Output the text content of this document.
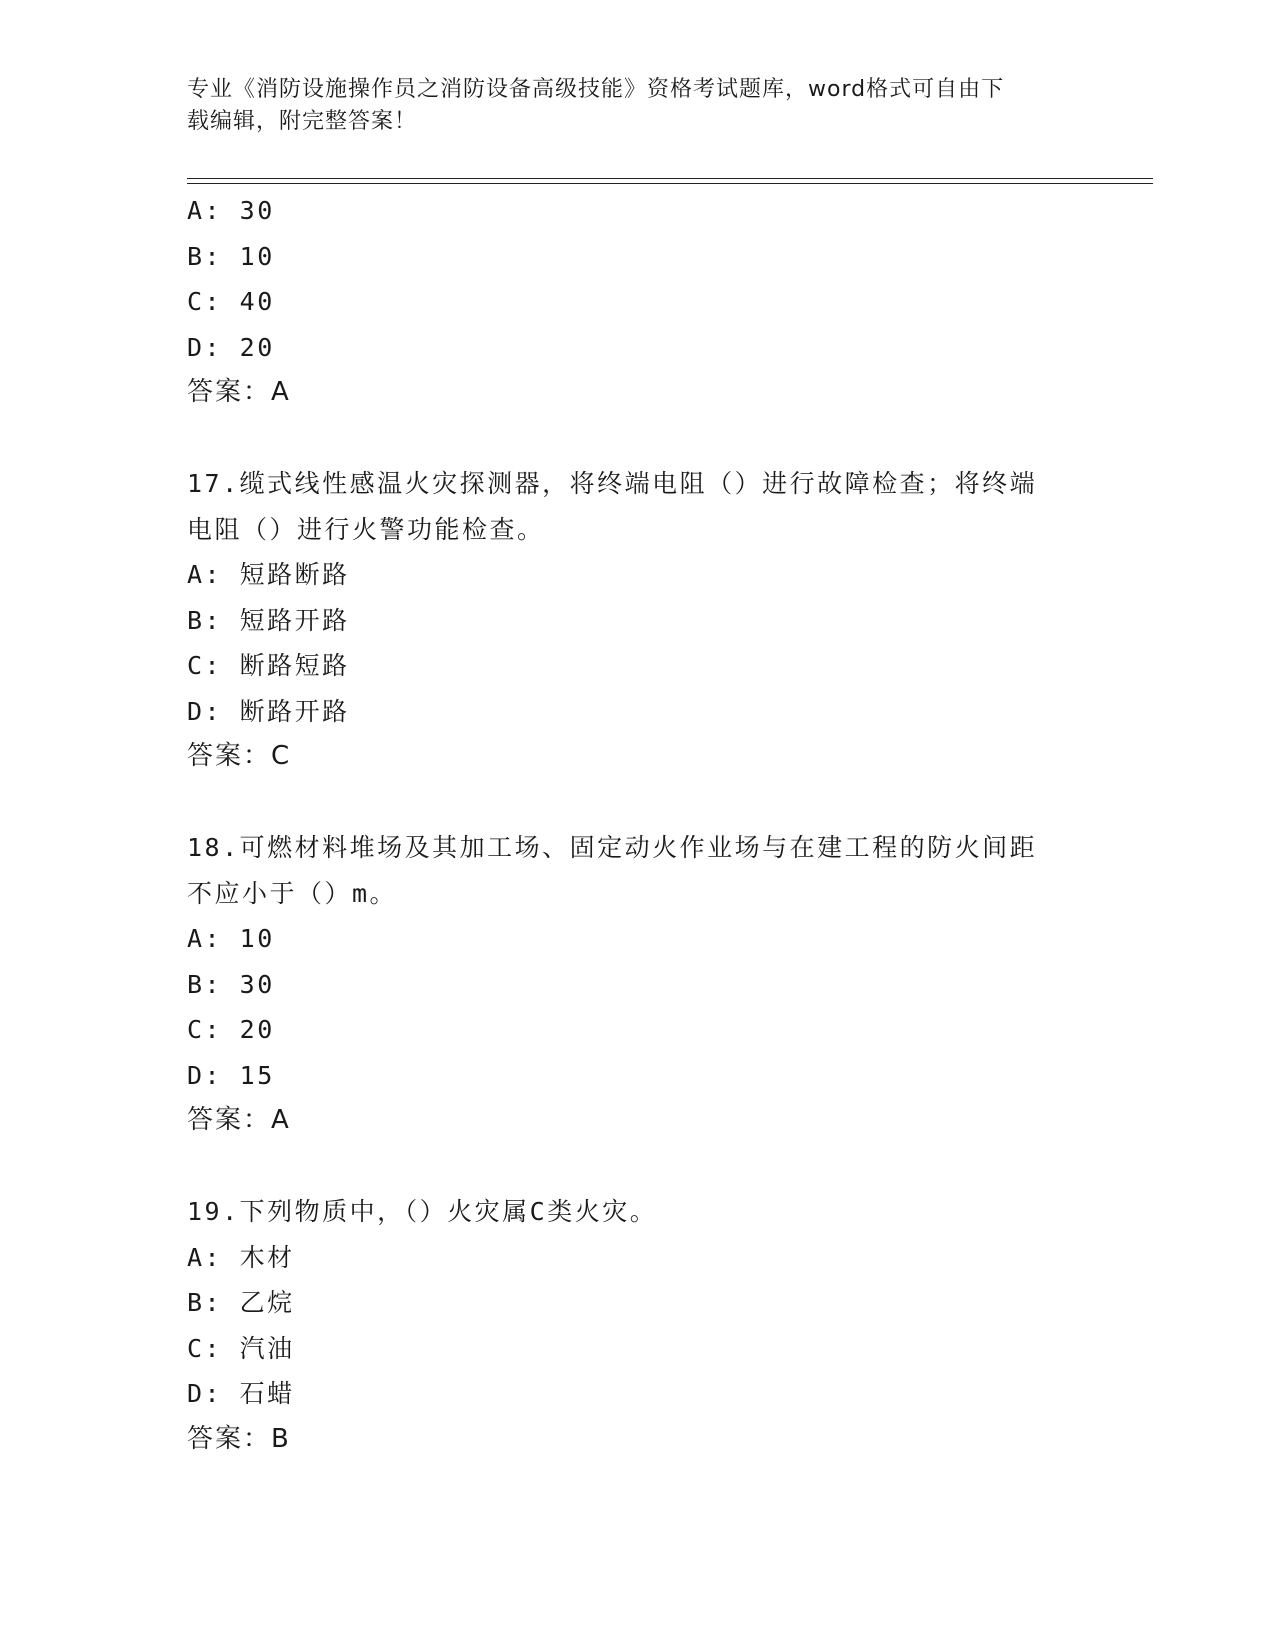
专业《消防设施操作员之消防设备高级技能》资格考试题库，word格式可自由下
载编辑，附完整答案！
A: 30
B: 10
C: 40
D: 20
答案：A
17.缆式线性感温火灾探测器，将终端电阻（）进行故障检查；将终端
电阻（）进行火警功能检查。
A: 短路断路
B: 短路开路
C: 断路短路
D: 断路开路
答案：C
18.可燃材料堆场及其加工场、固定动火作业场与在建工程的防火间距
不应小于（）m。
A: 10
B: 30
C: 20
D: 15
答案：A
19.下列物质中，（）火灾属C类火灾。
A: 木材
B: 乙烷
C: 汽油
D: 石蜡
答案：B
